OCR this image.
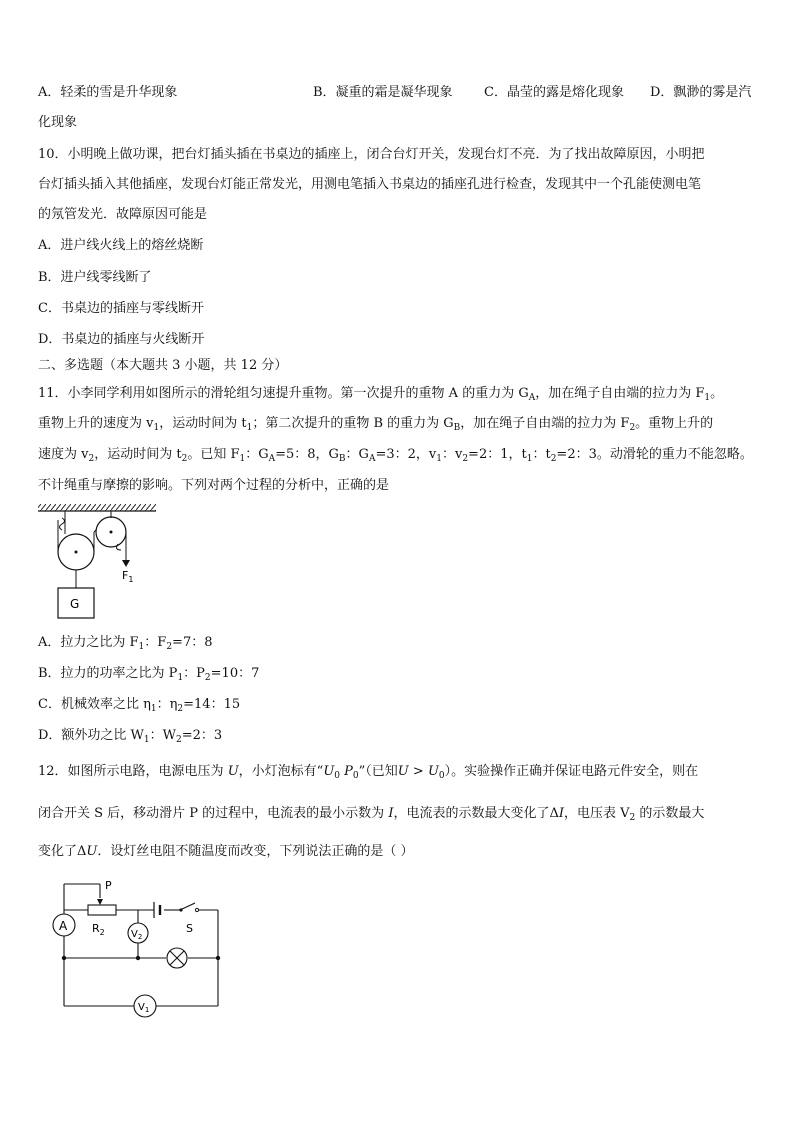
A．轻柔的雪是升华现象	B．凝重的霜是凝华现象 C．晶莹的露是熔化现象 D．飘渺的雾是汽
化现象
10．小明晚上做功课，把台灯插头插在书桌边的插座上，闭合台灯开关，发现台灯不亮．为了找出故障原因，小明把
台灯插头插入其他插座，发现台灯能正常发光，用测电笔插入书桌边的插座孔进行检查，发现其中一个孔能使测电笔
的氖管发光．故障原因可能是
A．进户线火线上的熔丝烧断
B．进户线零线断了
C．书桌边的插座与零线断开
D．书桌边的插座与火线断开
二、多选题（本大题共 3 小题，共 12 分）
11．小李同学利用如图所示的滑轮组匀速提升重物。第一次提升的重物 A 的重力为 $G_A$，加在绳子自由端的拉力为 $F_1$。
重物上升的速度为 $v_1$，运动时间为 $t_1$；第二次提升的重物 B 的重力为 $G_B$，加在绳子自由端的拉力为 $F_2$。重物上升的
速度为 $v_2$，运动时间为 $t_2$。已知 $F_1$：$G_A=5$：8，$G_B$：$G_A=3$：2，$v_1$：$v_2=2$：1，$t_1$：$t_2=2$：3。动滑轮的重力不能忽略。
不计绳重与摩擦的影响。下列对两个过程的分析中，正确的是
$F_1$
G
A．拉力之比为 $F_1$：$F_2=7$：8
B．拉力的功率之比为 $P_1$：$P_2=10$：7
C．机械效率之比 $\eta_1$：$\eta_2=14$：15
D．额外功之比 $W_1$：$W_2=2$：3
12．如图所示电路，电源电压为 U，小灯泡标有“$U_0$ $P_0$”（已知$U > U_0$）。实验操作正确并保证电路元件安全，则在
闭合开关 S 后，移动滑片 P 的过程中，电流表的最小示数为 I，电流表的示数最大变化了ΔI，电压表 $V_2$ 的示数最大
变化了ΔU．设灯丝电阻不随温度而改变，下列说法正确的是（ ）
A
P
$R_2$	S
$V_2$
$V_1$
